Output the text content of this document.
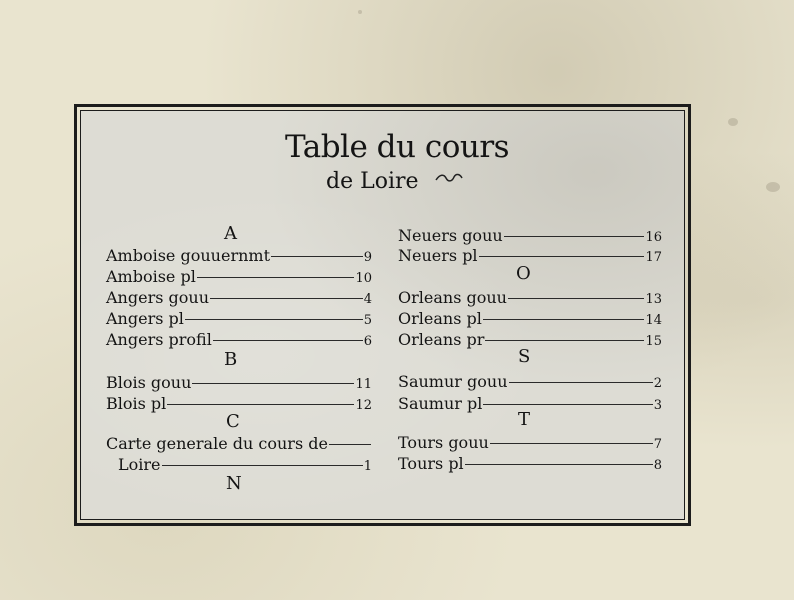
Table du cours
de Loire
A
Amboise gouuernmt	9
Amboise pl	10
Angers gouu	4
Angers pl	5
Angers profil	6
B
Blois gouu	11
Blois pl	12
C
Carte generale du cours de
Loire	1
N
Neuers gouu	16
Neuers pl	17
O
Orleans gouu	13
Orleans pl	14
Orleans pr	15
S
Saumur gouu	2
Saumur pl	3
T
Tours gouu	7
Tours pl	8
